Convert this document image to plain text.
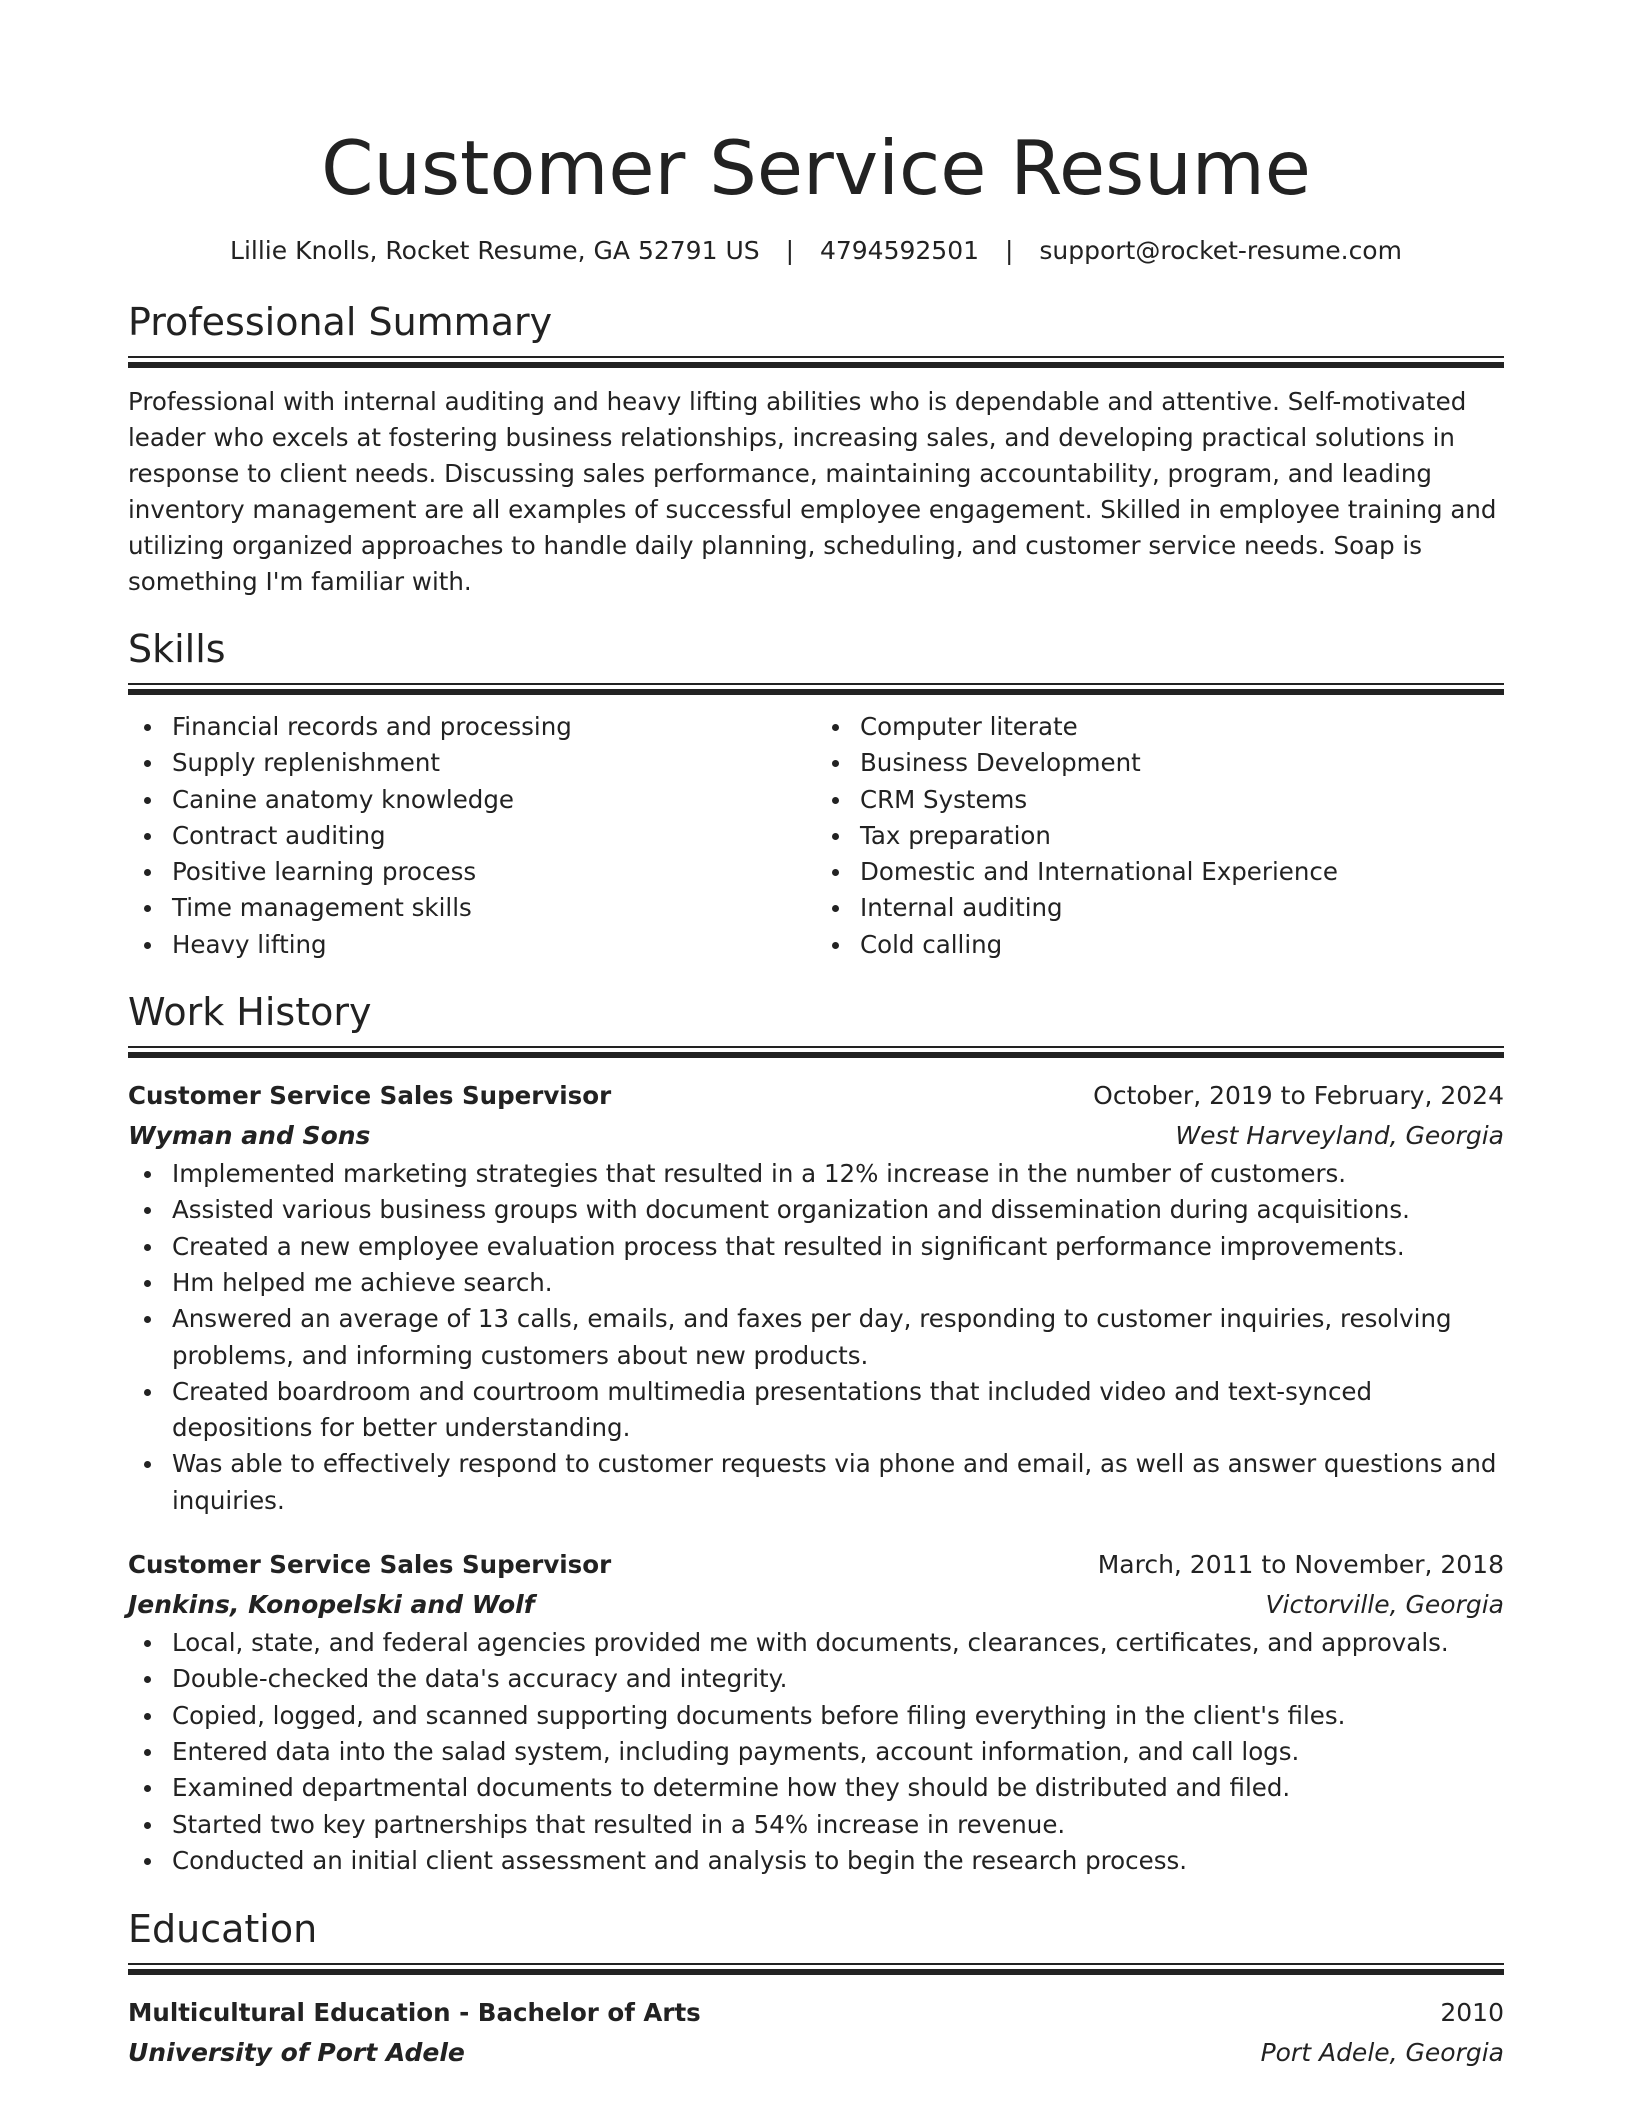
Customer Service Resume
Lillie Knolls, Rocket Resume, GA 52791 US | 4794592501 | support@rocket-resume.com
Professional Summary

Professional with internal auditing and heavy lifting abilities who is dependable and attentive. Self-motivated leader who excels at fostering business relationships, increasing sales, and developing practical solutions in response to client needs. Discussing sales performance, maintaining accountability, program, and leading inventory management are all examples of successful employee engagement. Skilled in employee training and utilizing organized approaches to handle daily planning, scheduling, and customer service needs. Soap is something I'm familiar with.

Skills
Financial records and processing
Supply replenishment
Canine anatomy knowledge
Contract auditing
Positive learning process
Time management skills
Heavy lifting
Computer literate
Business Development
CRM Systems
Tax preparation
Domestic and International Experience
Internal auditing
Cold calling
Work History
Customer Service Sales Supervisor	October, 2019 to February, 2024
Wyman and Sons	West Harveyland, Georgia
Implemented marketing strategies that resulted in a 12% increase in the number of customers.
Assisted various business groups with document organization and dissemination during acquisitions.
Created a new employee evaluation process that resulted in significant performance improvements.
Hm helped me achieve search.
Answered an average of 13 calls, emails, and faxes per day, responding to customer inquiries, resolving problems, and informing customers about new products.
Created boardroom and courtroom multimedia presentations that included video and text-synced depositions for better understanding.
Was able to effectively respond to customer requests via phone and email, as well as answer questions and inquiries.
Customer Service Sales Supervisor	March, 2011 to November, 2018
Jenkins, Konopelski and Wolf	Victorville, Georgia
Local, state, and federal agencies provided me with documents, clearances, certificates, and approvals.
Double-checked the data's accuracy and integrity.
Copied, logged, and scanned supporting documents before filing everything in the client's files.
Entered data into the salad system, including payments, account information, and call logs.
Examined departmental documents to determine how they should be distributed and filed.
Started two key partnerships that resulted in a 54% increase in revenue.
Conducted an initial client assessment and analysis to begin the research process.
Education
Multicultural Education - Bachelor of Arts	2010
University of Port Adele	Port Adele, Georgia
